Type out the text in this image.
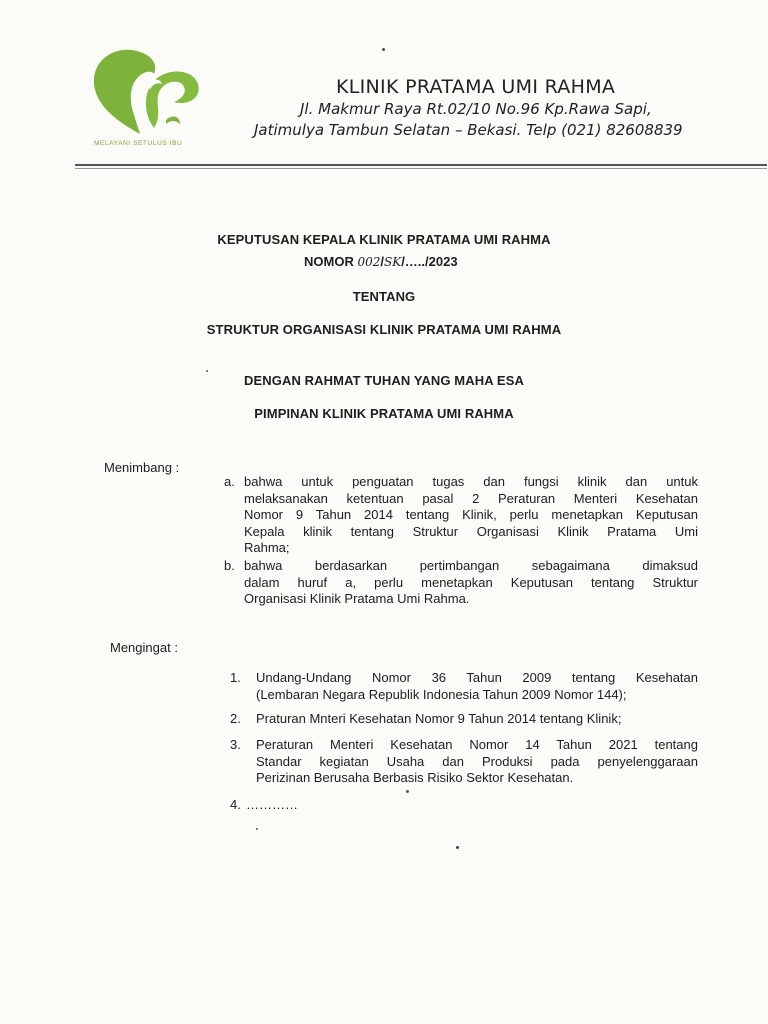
MELAYANI SETULUS IBU
KLINIK PRATAMA UMI RAHMA
Jl. Makmur Raya Rt.02/10 No.96 Kp.Rawa Sapi,
Jatimulya Tambun Selatan – Bekasi. Telp (021) 82608839
KEPUTUSAN KEPALA KLINIK PRATAMA UMI RAHMA
NOMOR 002/SK/…../2023
TENTANG
STRUKTUR ORGANISASI KLINIK PRATAMA UMI RAHMA
DENGAN RAHMAT TUHAN YANG MAHA ESA
PIMPINAN KLINIK PRATAMA UMI RAHMA
Menimbang :
a. bahwa untuk penguatan tugas dan fungsi klinik dan untuk
melaksanakan ketentuan pasal 2 Peraturan Menteri Kesehatan
Nomor 9 Tahun 2014 tentang Klinik, perlu menetapkan Keputusan
Kepala klinik tentang Struktur Organisasi Klinik Pratama Umi
Rahma;
b. bahwa berdasarkan pertimbangan sebagaimana dimaksud
dalam huruf a, perlu menetapkan Keputusan tentang Struktur
Organisasi Klinik Pratama Umi Rahma.
Mengingat :
1. Undang-Undang Nomor 36 Tahun 2009 tentang Kesehatan
(Lembaran Negara Republik Indonesia Tahun 2009 Nomor 144);
2. Praturan Mnteri Kesehatan Nomor 9 Tahun 2014 tentang Klinik;
3. Peraturan Menteri Kesehatan Nomor 14 Tahun 2021 tentang
Standar kegiatan Usaha dan Produksi pada penyelenggaraan
Perizinan Berusaha Berbasis Risiko Sektor Kesehatan.
4. …………
